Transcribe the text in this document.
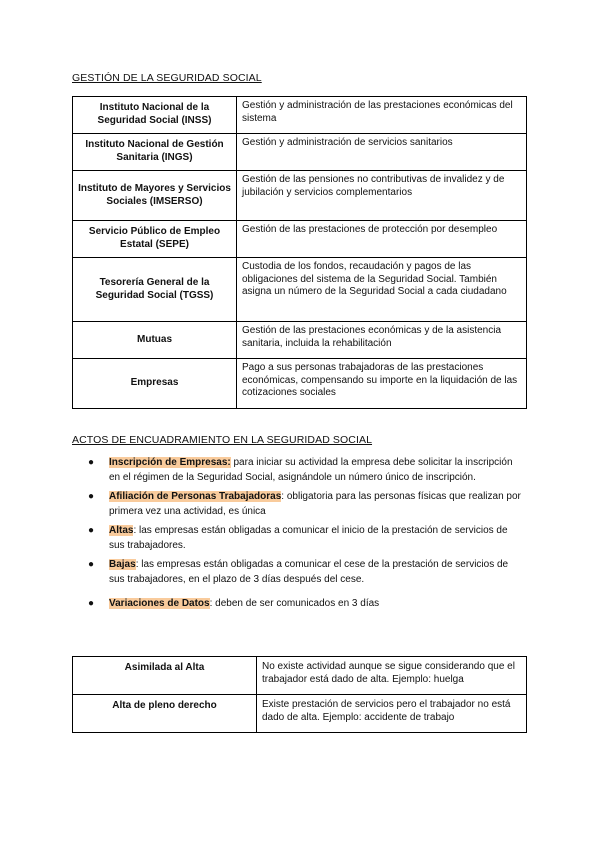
GESTIÓN DE LA SEGURIDAD SOCIAL
Instituto Nacional de la Seguridad Social (INSS)	Gestión y administración de las prestaciones económicas del sistema
Instituto Nacional de Gestión Sanitaria (INGS)	Gestión y administración de servicios sanitarios
Instituto de Mayores y Servicios Sociales (IMSERSO)	Gestión de las pensiones no contributivas de invalidez y de jubilación y servicios complementarios
Servicio Público de Empleo Estatal (SEPE)	Gestión de las prestaciones de protección por desempleo
Tesorería General de la Seguridad Social (TGSS)	Custodia de los fondos, recaudación y pagos de las obligaciones del sistema de la Seguridad Social. También asigna un número de la Seguridad Social a cada ciudadano
Mutuas	Gestión de las prestaciones económicas y de la asistencia sanitaria, incluida la rehabilitación
Empresas	Pago a sus personas trabajadoras de las prestaciones económicas, compensando su importe en la liquidación de las cotizaciones sociales
ACTOS DE ENCUADRAMIENTO EN LA SEGURIDAD SOCIAL
● Inscripción de Empresas: para iniciar su actividad la empresa debe solicitar la inscripción en el régimen de la Seguridad Social, asignándole un número único de inscripción.
● Afiliación de Personas Trabajadoras: obligatoria para las personas físicas que realizan por primera vez una actividad, es única
● Altas: las empresas están obligadas a comunicar el inicio de la prestación de servicios de sus trabajadores.
● Bajas: las empresas están obligadas a comunicar el cese de la prestación de servicios de sus trabajadores, en el plazo de 3 días después del cese.
● Variaciones de Datos: deben de ser comunicados en 3 días
Asimilada al Alta	No existe actividad aunque se sigue considerando que el trabajador está dado de alta. Ejemplo: huelga
Alta de pleno derecho	Existe prestación de servicios pero el trabajador no está dado de alta. Ejemplo: accidente de trabajo
